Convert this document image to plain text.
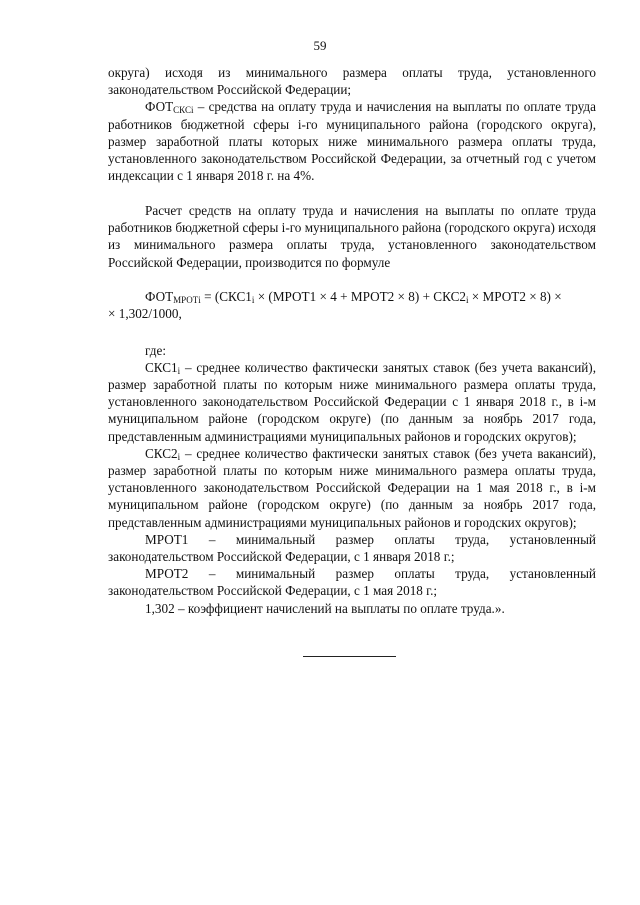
59

округа) исходя из минимального размера оплаты труда, установленного законодательством Российской Федерации;

$ФОТ_{СКСi}$ – средства на оплату труда и начисления на выплаты по оплате труда работников бюджетной сферы i-го муниципального района (городского округа), размер заработной платы которых ниже минимального размера оплаты труда, установленного законодательством Российской Федерации, за отчетный год с учетом индексации с 1 января 2018 г. на 4%.

Расчет средств на оплату труда и начисления на выплаты по оплате труда работников бюджетной сферы i-го муниципального района (городского округа) исходя из минимального размера оплаты труда, установленного законодательством Российской Федерации, производится по формуле

$ФОТ_{МРОТi} = (СКС1_i$ × (МРОТ1 × 4 + МРОТ2 × $8) + СКС2_i$ × МРОТ2 × 8) ×

× 1,302/1000,

где:

$СКС1_i$ – среднее количество фактически занятых ставок (без учета вакансий), размер заработной платы по которым ниже минимального размера оплаты труда, установленного законодательством Российской Федерации с 1 января 2018 г., в i-м муниципальном районе (городском округе) (по данным за ноябрь 2017 года, представленным администрациями муниципальных районов и городских округов);

$СКС2_i$ – среднее количество фактически занятых ставок (без учета вакансий), размер заработной платы по которым ниже минимального размера оплаты труда, установленного законодательством Российской Федерации на 1 мая 2018 г., в i-м муниципальном районе (городском округе) (по данным за ноябрь 2017 года, представленным администрациями муниципальных районов и городских округов);

МРОТ1 – минимальный размер оплаты труда, установленный законодательством Российской Федерации, с 1 января 2018 г.;

МРОТ2 – минимальный размер оплаты труда, установленный законодательством Российской Федерации, с 1 мая 2018 г.;

1,302 – коэффициент начислений на выплаты по оплате труда.».
